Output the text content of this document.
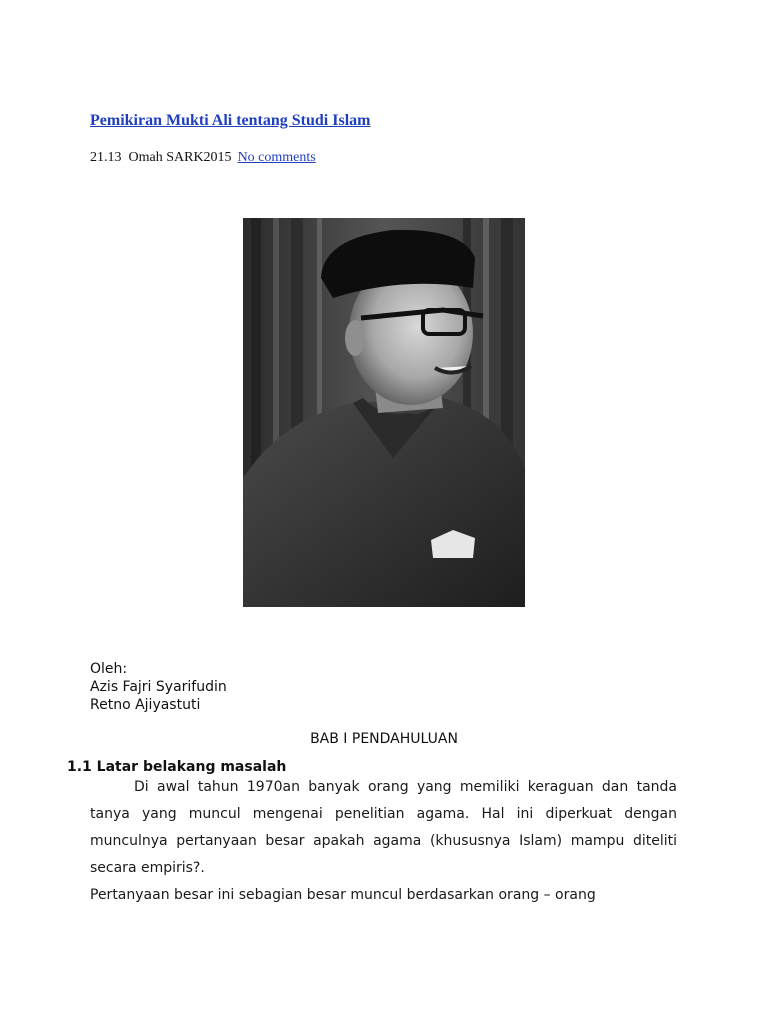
Pemikiran Mukti Ali tentang Studi Islam
21.13 Omah SARK2015 No comments
Oleh:
Azis Fajri Syarifudin
Retno Ajiyastuti
BAB I PENDAHULUAN
1.1 Latar belakang masalah

Di awal tahun 1970an banyak orang yang memiliki keraguan dan tanda tanya yang muncul mengenai penelitian agama. Hal ini diperkuat dengan munculnya pertanyaan besar apakah agama (khususnya Islam) mampu diteliti secara empiris?.

Pertanyaan besar ini sebagian besar muncul berdasarkan orang – orang
